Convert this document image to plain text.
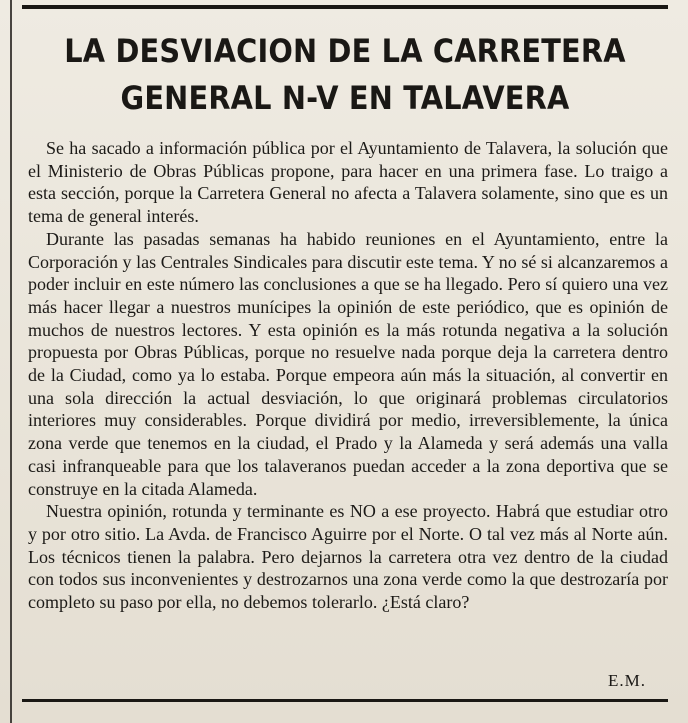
LA DESVIACION DE LA CARRETERA
GENERAL N-V EN TALAVERA

Se ha sacado a información pública por el Ayuntamiento de Talavera, la solución que el Ministerio de Obras Públicas propone, para hacer en una primera fase. Lo traigo a esta sección, porque la Carretera General no afecta a Talavera solamente, sino que es un tema de general interés.

Durante las pasadas semanas ha habido reuniones en el Ayuntamiento, entre la Corporación y las Centrales Sindicales para discutir este tema. Y no sé si alcanzaremos a poder incluir en este número las conclusiones a que se ha llegado. Pero sí quiero una vez más hacer llegar a nuestros munícipes la opinión de este periódico, que es opinión de muchos de nuestros lectores. Y esta opinión es la más rotunda negativa a la solución propuesta por Obras Públicas, porque no resuelve nada porque deja la carretera dentro de la Ciudad, como ya lo estaba. Porque empeora aún más la situación, al convertir en una sola dirección la actual desviación, lo que originará problemas circulatorios interiores muy considerables. Porque dividirá por medio, irreversiblemente, la única zona verde que tenemos en la ciudad, el Prado y la Alameda y será además una valla casi infranqueable para que los talaveranos puedan acceder a la zona deportiva que se construye en la citada Alameda.

Nuestra opinión, rotunda y terminante es NO a ese proyecto. Habrá que estudiar otro y por otro sitio. La Avda. de Francisco Aguirre por el Norte. O tal vez más al Norte aún. Los técnicos tienen la palabra. Pero dejarnos la carretera otra vez dentro de la ciudad con todos sus inconvenientes y destrozarnos una zona verde como la que destrozaría por completo su paso por ella, no debemos tolerarlo. ¿Está claro?

E.M.
